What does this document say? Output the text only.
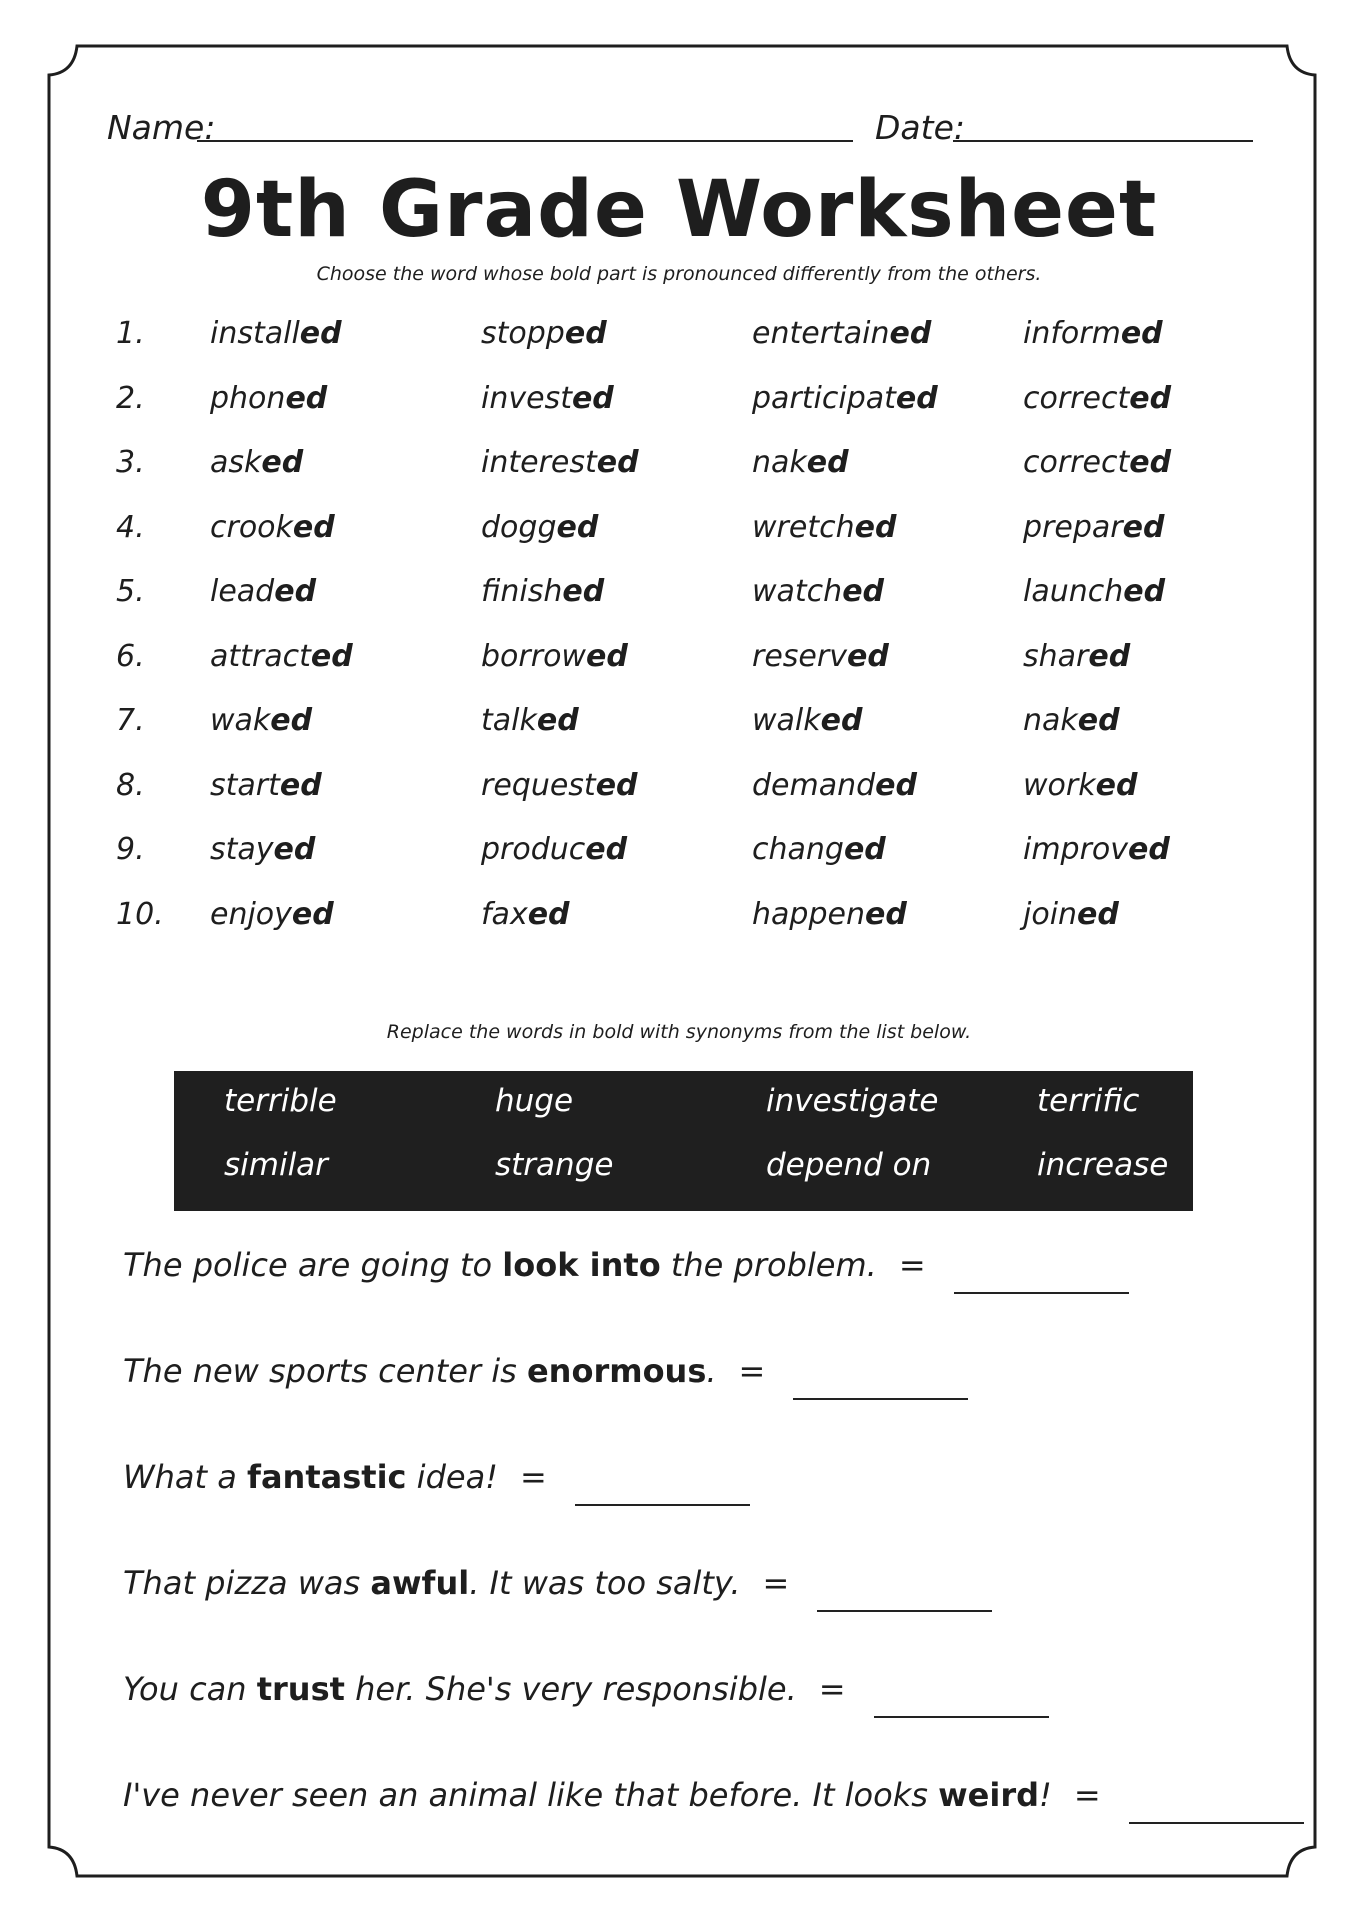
Name:	Date:
9th Grade Worksheet
Choose the word whose bold part is pronounced differently from the others.
1. installed	stopped	entertained	informed
2. phoned	invested	participated	corrected
3. asked	interested	naked	corrected
4. crooked	dogged	wretched	prepared
5. leaded	finished	watched	launched
6. attracted	borrowed	reserved	shared
7. waked	talked	walked	naked
8. started	requested	demanded	worked
9. stayed	produced	changed	improved
10. enjoyed	faxed	happened	joined
Replace the words in bold with synonyms from the list below.
terrible	huge	investigate	terrific
similar	strange	depend on	increase
The police are going to look into the problem. =
The new sports center is enormous. =
What a fantastic idea! =
That pizza was awful. It was too salty. =
You can trust her. She's very responsible. =
I've never seen an animal like that before. It looks weird! =
